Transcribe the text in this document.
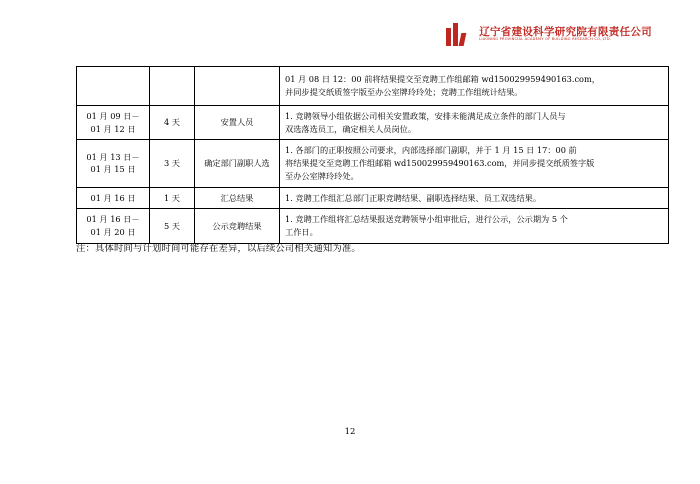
辽宁省建设科学研究院有限责任公司
LIAONING PROVINCIAL ACADEMY OF BUILDING RESEARCH CO.,LTD.

			01 月 08 日 12：00 前将结果提交至竞聘工作组邮箱 wd150029959490163.com，
并同步提交纸质签字版至办公室牌玲玲处；竞聘工作组统计结果。

01 月 09 日－
01 月 12 日	4 天	安置人员	1. 竞聘领导小组依据公司相关安置政策，安排未能满足成立条件的部门人员与
双选落选员工，确定相关人员岗位。

01 月 13 日－
01 月 15 日	3 天	确定部门副职人选	1. 各部门的正职按照公司要求，内部选择部门副职，并于 1 月 15 日 17：00 前
将结果提交至竞聘工作组邮箱 wd150029959490163.com，并同步提交纸质签字版
至办公室牌玲玲处。

01 月 16 日	1 天	汇总结果	1. 竞聘工作组汇总部门正职竞聘结果、副职选择结果、员工双选结果。

01 月 16 日－
01 月 20 日	5 天	公示竞聘结果	1. 竞聘工作组将汇总结果报送竞聘领导小组审批后，进行公示，公示期为 5 个
工作日。
注：具体时间与计划时间可能存在差异，以后续公司相关通知为准。
12
